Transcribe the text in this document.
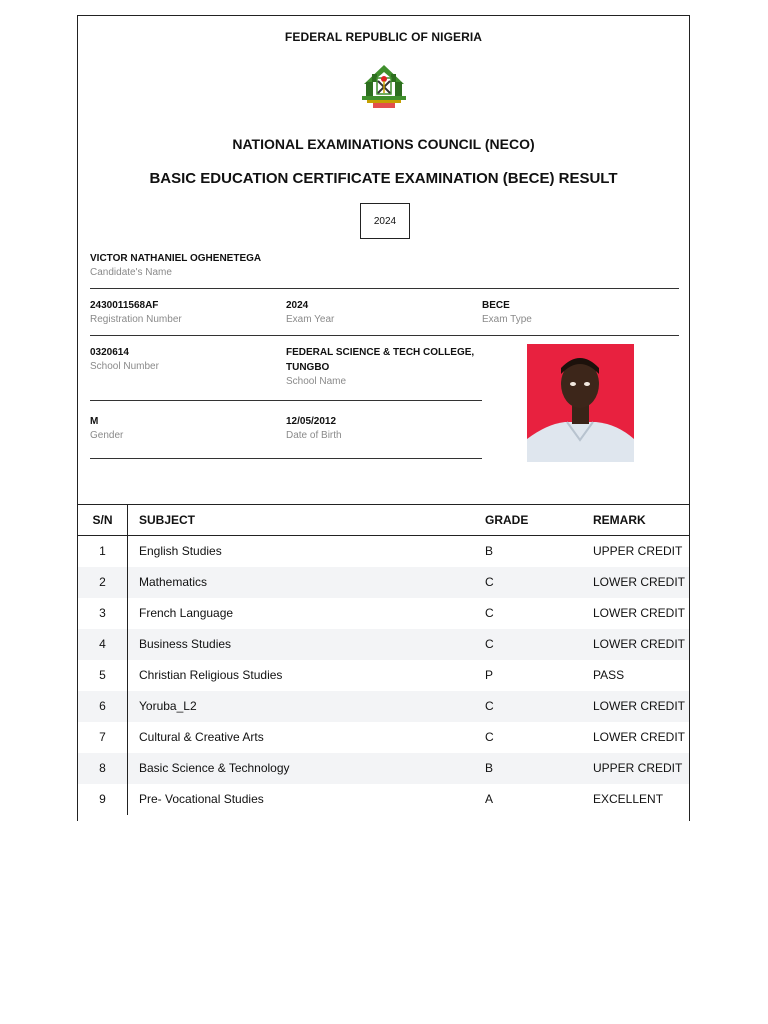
FEDERAL REPUBLIC OF NIGERIA
NATIONAL EXAMINATIONS COUNCIL (NECO)
BASIC EDUCATION CERTIFICATE EXAMINATION (BECE) RESULT
2024
VICTOR NATHANIEL OGHENETEGA
Candidate's Name
2430011568AF
Registration Number
2024
Exam Year
BECE
Exam Type
0320614
School Number
FEDERAL SCIENCE & TECH COLLEGE, TUNGBO
School Name
M
Gender
12/05/2012
Date of Birth
S/N	SUBJECT	GRADE	REMARK
1	English Studies	B	UPPER CREDIT
2	Mathematics	C	LOWER CREDIT
3	French Language	C	LOWER CREDIT
4	Business Studies	C	LOWER CREDIT
5	Christian Religious Studies	P	PASS
6	Yoruba_L2	C	LOWER CREDIT
7	Cultural & Creative Arts	C	LOWER CREDIT
8	Basic Science & Technology	B	UPPER CREDIT
9	Pre- Vocational Studies	A	EXCELLENT
